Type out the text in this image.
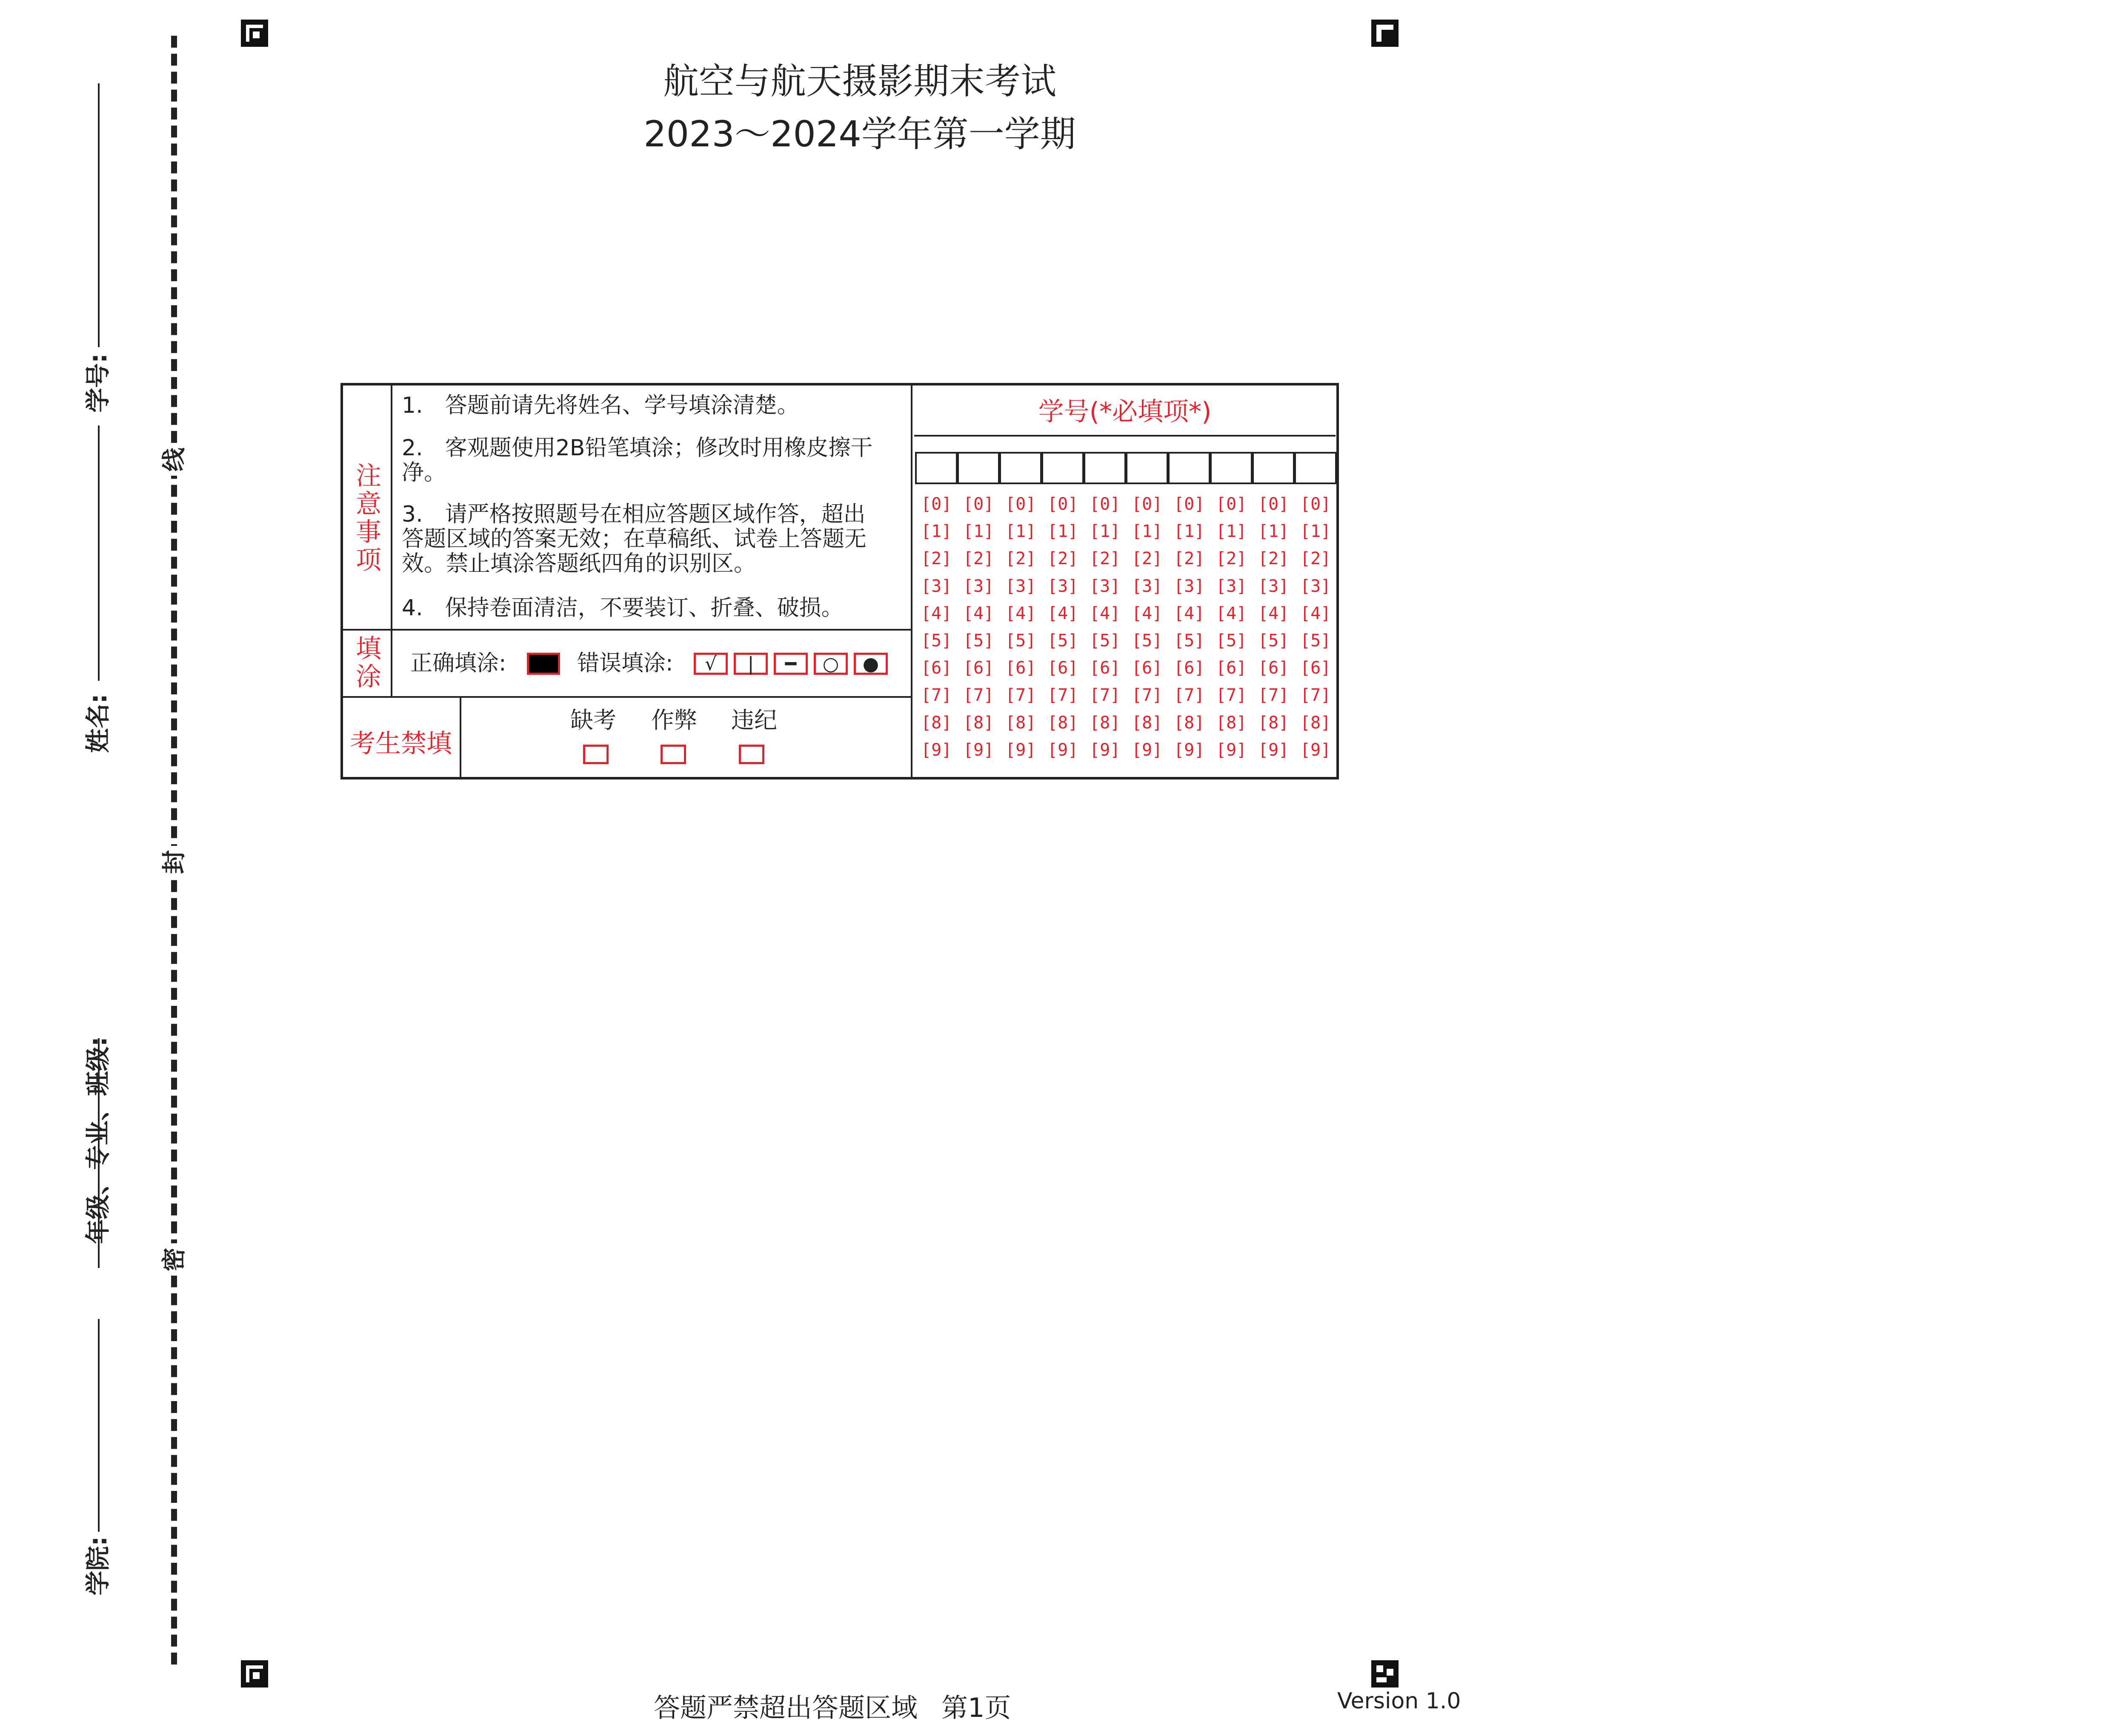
航空与航天摄影期末考试
2023～2024学年第一学期
线
封
密
学号:
姓名:
年级、专业、班级:
学院:
注意事项
1.　答题前请先将姓名、学号填涂清楚。
2.　客观题使用2B铅笔填涂；修改时用橡皮擦干净。
3.　请严格按照题号在相应答题区域作答，超出答题区域的答案无效；在草稿纸、试卷上答题无效。禁止填涂答题纸四角的识别区。
4.　保持卷面清洁，不要装订、折叠、破损。
填涂	正确填涂:	错误填涂:	√	|	━	○	●
考生禁填
缺考 作弊 违纪
学号(*必填项*)
[0] [0] [0] [0] [0] [0] [0] [0] [0] [0]
[1] [1] [1] [1] [1] [1] [1] [1] [1] [1]
[2] [2] [2] [2] [2] [2] [2] [2] [2] [2]
[3] [3] [3] [3] [3] [3] [3] [3] [3] [3]
[4] [4] [4] [4] [4] [4] [4] [4] [4] [4]
[5] [5] [5] [5] [5] [5] [5] [5] [5] [5]
[6] [6] [6] [6] [6] [6] [6] [6] [6] [6]
[7] [7] [7] [7] [7] [7] [7] [7] [7] [7]
[8] [8] [8] [8] [8] [8] [8] [8] [8] [8]
[9] [9] [9] [9] [9] [9] [9] [9] [9] [9]
答题严禁超出答题区域 第1页	Version 1.0
